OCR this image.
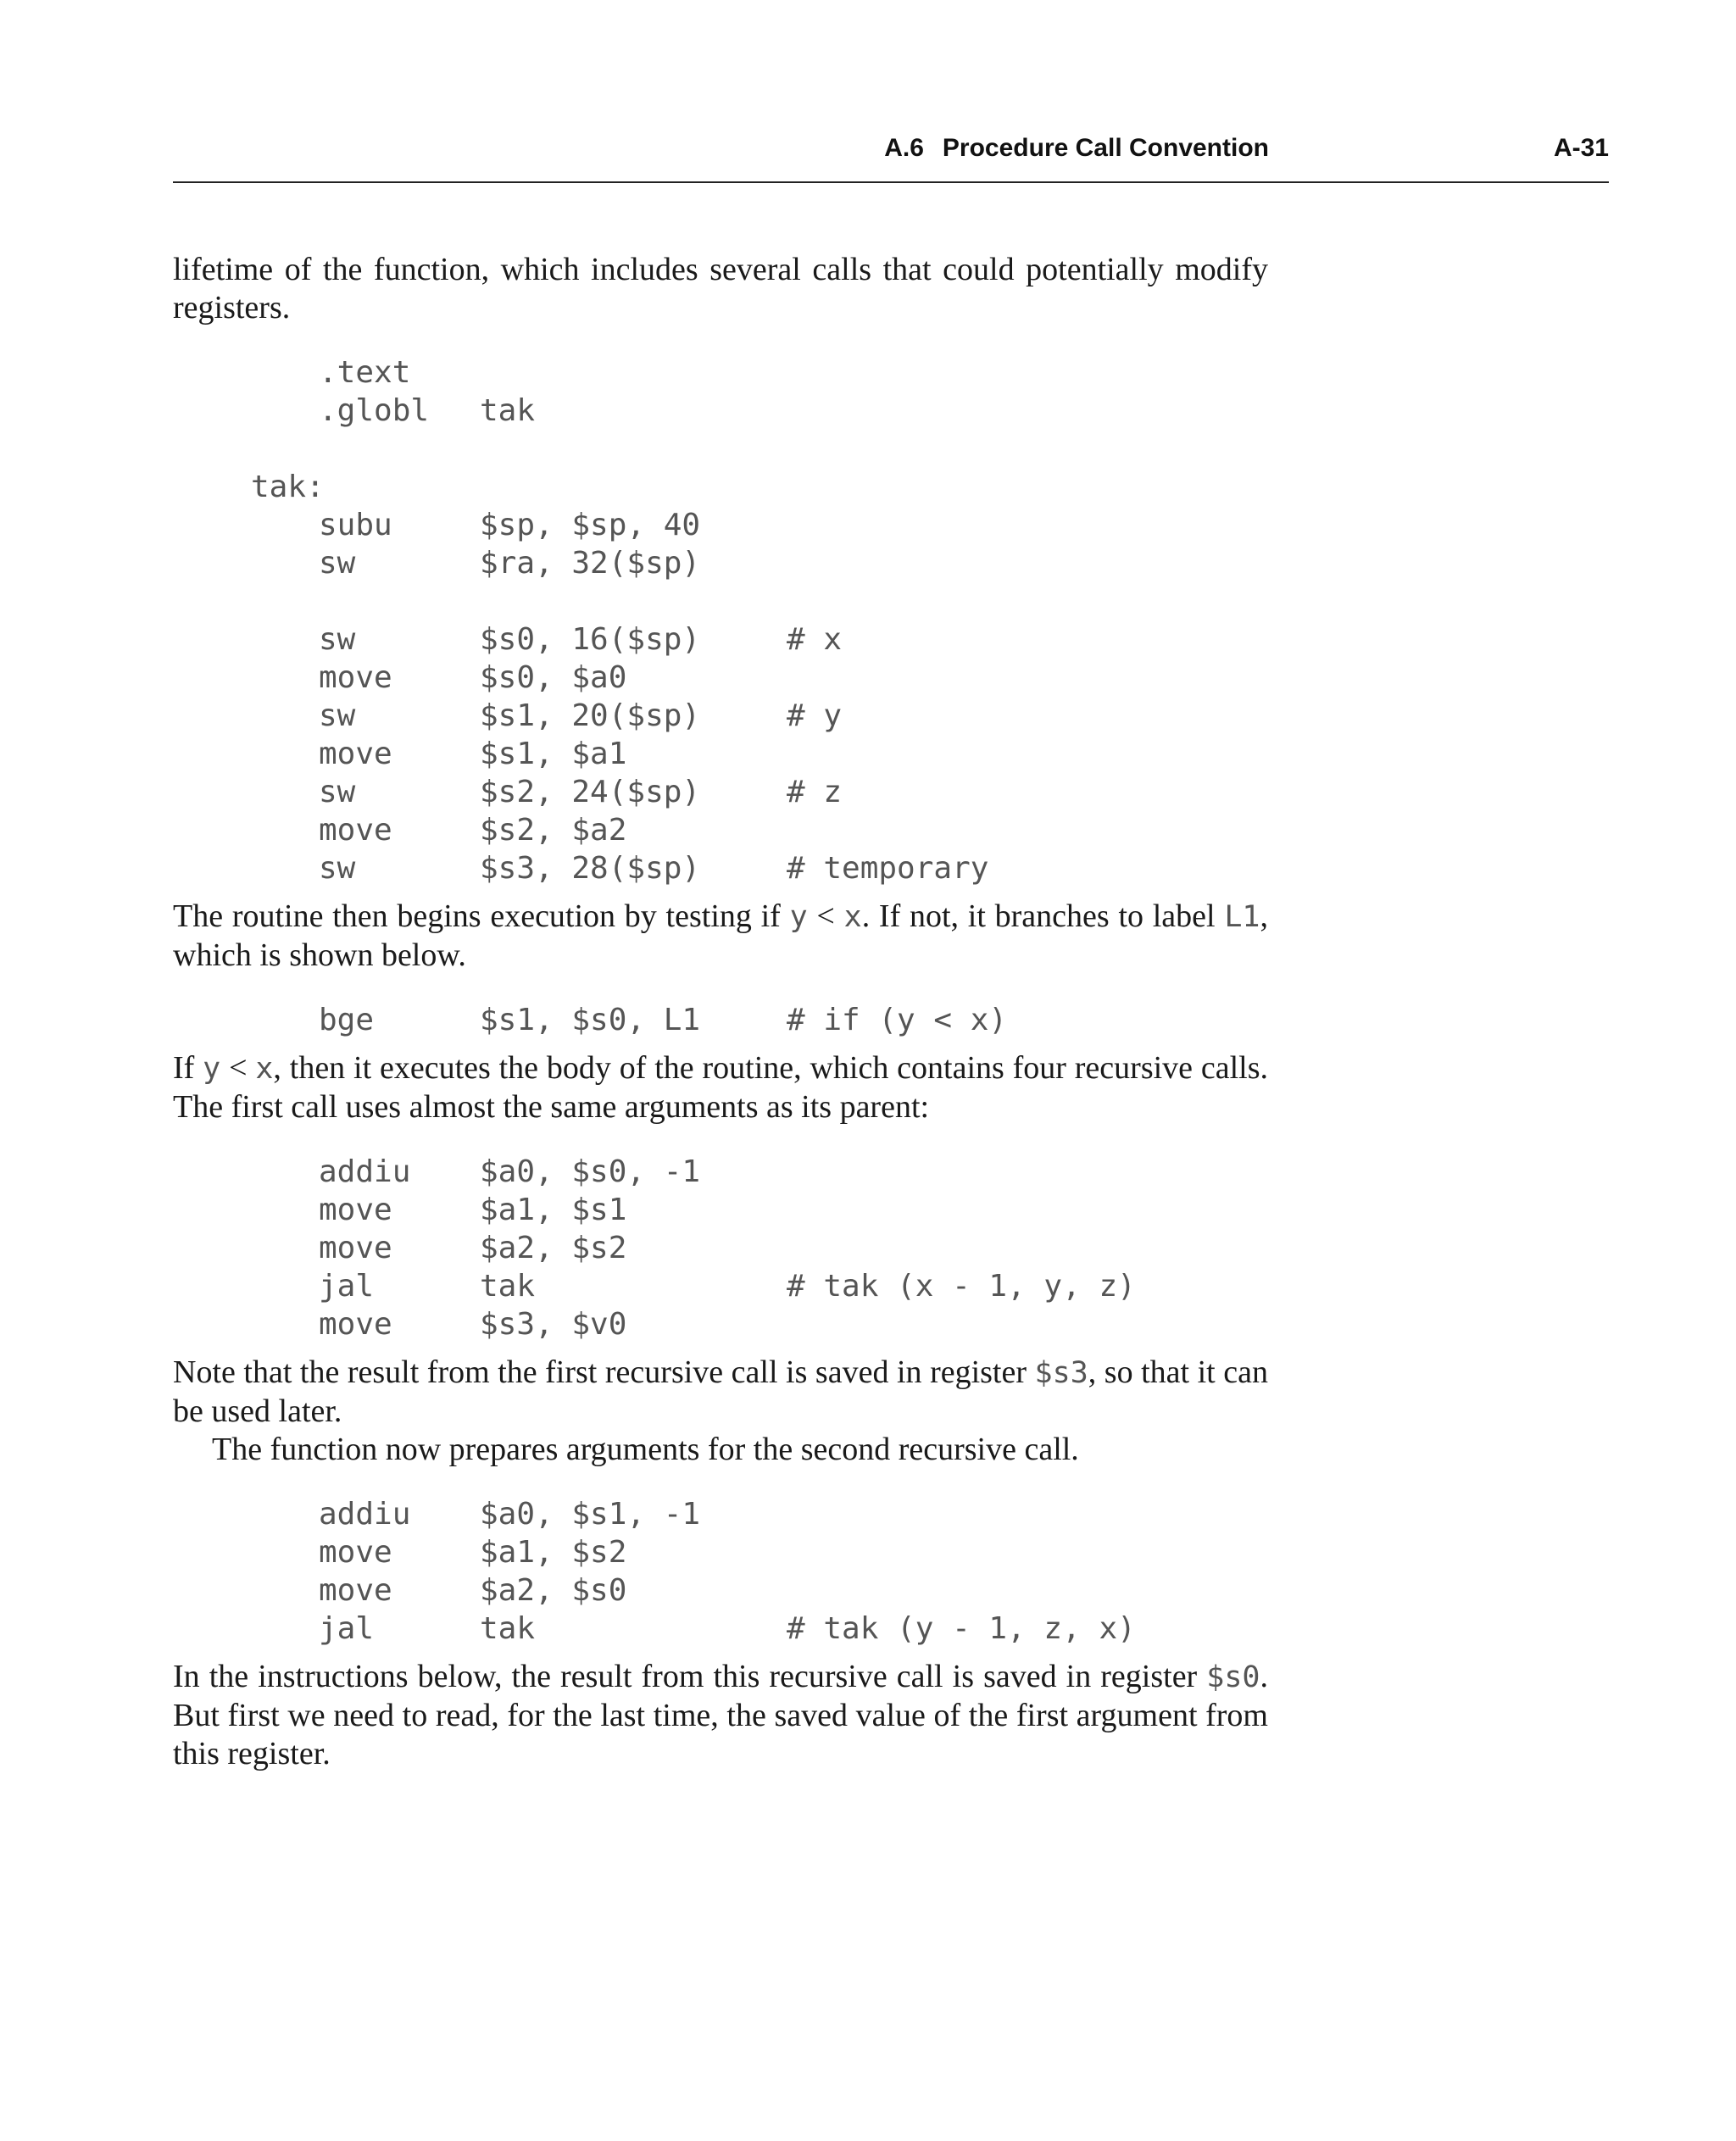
A.6 Procedure Call Convention	A-31

lifetime of the function, which includes several calls that could potentially modify registers.

.text
.globl	tak
tak:
subu	$sp, $sp, 40
sw	$ra, 32($sp)
sw	$s0, 16($sp)	# x
move	$s0, $a0
sw	$s1, 20($sp)	# y
move	$s1, $a1
sw	$s2, 24($sp)	# z
move	$s2, $a2
sw	$s3, 28($sp)	# temporary

The routine then begins execution by testing if y < x. If not, it branches to label L1, which is shown below.

bge	$s1, $s0, L1	# if (y < x)

If y < x, then it executes the body of the routine, which contains four recursive calls. The first call uses almost the same arguments as its parent:

addiu	$a0, $s0, -1
move	$a1, $s1
move	$a2, $s2
jal	tak	# tak (x - 1, y, z)
move	$s3, $v0

Note that the result from the first recursive call is saved in register $s3, so that it can be used later.

The function now prepares arguments for the second recursive call.

addiu	$a0, $s1, -1
move	$a1, $s2
move	$a2, $s0
jal	tak	# tak (y - 1, z, x)

In the instructions below, the result from this recursive call is saved in register $s0. But first we need to read, for the last time, the saved value of the first argument from this register.
